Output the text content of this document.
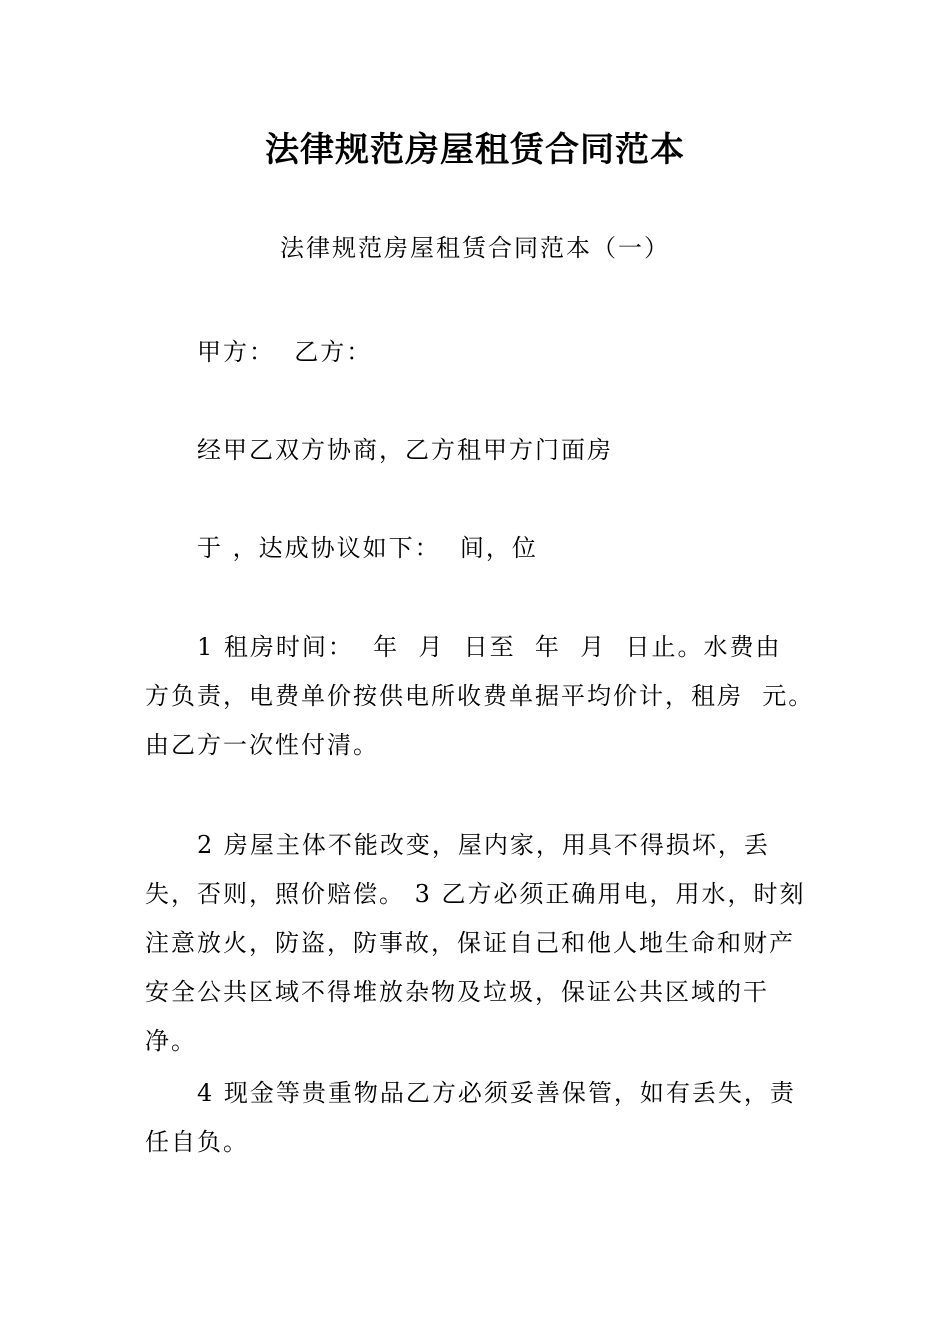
法律规范房屋租赁合同范本
法律规范房屋租赁合同范本（一）
甲方：  乙方：
经甲乙双方协商，乙方租甲方门面房
于 ，达成协议如下：  间，位
1 租房时间：  年  月  日至  年  月  日止。水费由  方负责，电费单价按供电所收费单据平均价计，租房  元。由乙方一次性付清。
2 房屋主体不能改变，屋内家，用具不得损坏，丢失，否则，照价赔偿。 3 乙方必须正确用电，用水，时刻注意放火，防盗，防事故，保证自己和他人地生命和财产安全公共区域不得堆放杂物及垃圾，保证公共区域的干净。
4 现金等贵重物品乙方必须妥善保管，如有丢失，责任自负。
